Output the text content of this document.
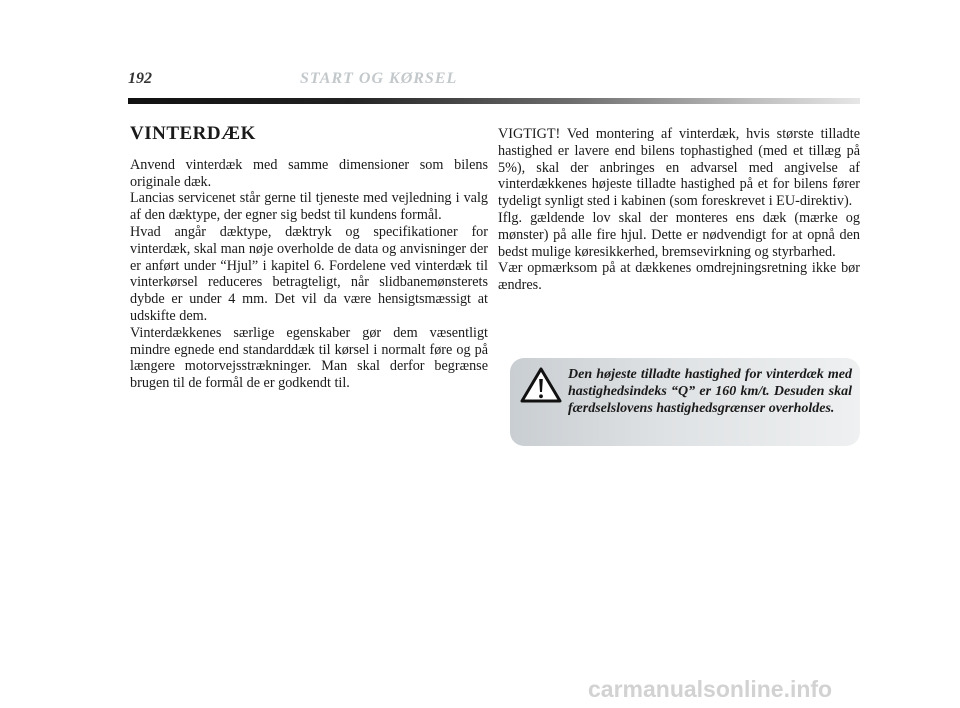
192	START OG KØRSEL
VINTERDÆK

Anvend vinterdæk med samme dimensioner som bilens originale dæk.

Lancias servicenet står gerne til tjeneste med vejledning i valg af den dæktype, der egner sig bedst til kundens formål.

Hvad angår dæktype, dæktryk og specifikationer for vinterdæk, skal man nøje overholde de data og anvisninger der er anført under “Hjul” i kapitel 6. Fordelene ved vinterdæk til vinterkørsel reduceres betragteligt, når slidbanemønsterets dybde er under 4 mm. Det vil da være hensigtsmæssigt at udskifte dem.

Vinterdækkenes særlige egenskaber gør dem væsentligt mindre egnede end standarddæk til kørsel i normalt føre og på længere motorvejsstrækninger. Man skal derfor begrænse brugen til de formål de er godkendt til.

VIGTIGT! Ved montering af vinterdæk, hvis største tilladte hastighed er lavere end bilens tophastighed (med et tillæg på 5%), skal der anbringes en advarsel med angivelse af vinterdækkenes højeste tilladte hastighed på et for bilens fører tydeligt synligt sted i kabinen (som foreskrevet i EU-direktiv).

Iflg. gældende lov skal der monteres ens dæk (mærke og mønster) på alle fire hjul. Dette er nødvendigt for at opnå den bedst mulige køresikkerhed, bremsevirkning og styrbarhed.

Vær opmærksom på at dækkenes omdrejningsretning ikke bør ændres.

Den højeste tilladte hastighed for vinterdæk med hastighedsindeks “Q” er 160 km/t. Desuden skal færdselslovens hastighedsgrænser overholdes.
carmanualsonline.info
